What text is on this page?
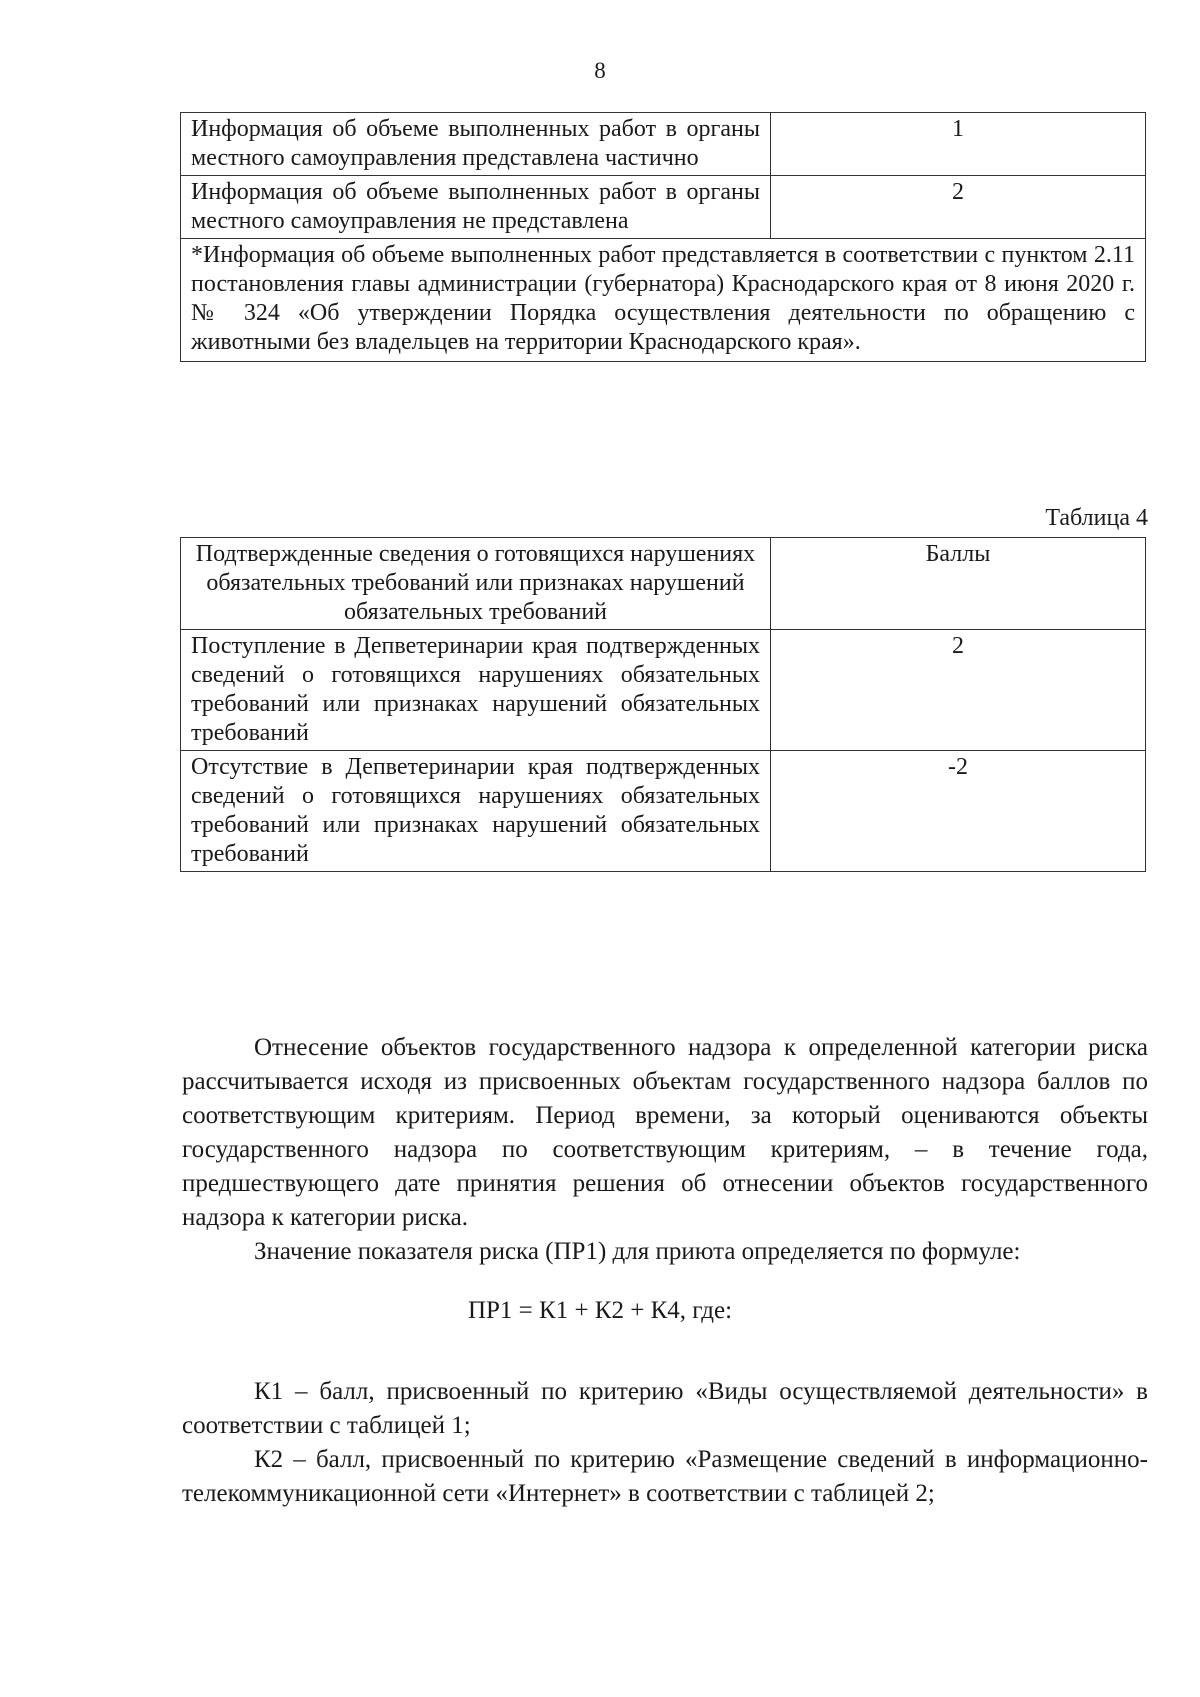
8
Информация об объеме выполненных работ в органы местного самоуправления представлена частично	1
Информация об объеме выполненных работ в органы местного самоуправления не представлена	2
*Информация об объеме выполненных работ представляется в соответствии с пунктом 2.11 постановления главы администрации (губернатора) Краснодарского края от 8 июня 2020 г. № 324 «Об утверждении Порядка осуществления деятельности по обращению с животными без владельцев на территории Краснодарского края».	
Таблица 4
Подтвержденные сведения о готовящихся нарушениях обязательных требований или признаках нарушений обязательных требований	Баллы
Поступление в Депветеринарии края подтвержденных сведений о готовящихся нарушениях обязательных требований или признаках нарушений обязательных требований	2
Отсутствие в Депветеринарии края подтвержденных сведений о готовящихся нарушениях обязательных требований или признаках нарушений обязательных требований	-2

Отнесение объектов государственного надзора к определенной категории риска рассчитывается исходя из присвоенных объектам государственного надзора баллов по соответствующим критериям. Период времени, за который оцениваются объекты государственного надзора по соответствующим критериям, – в течение года, предшествующего дате принятия решения об отнесении объектов государственного надзора к категории риска.

Значение показателя риска (ПР1) для приюта определяется по формуле:

ПР1 = К1 + К2 + К4, где:

К1 – балл, присвоенный по критерию «Виды осуществляемой деятельности» в соответствии с таблицей 1;

К2 – балл, присвоенный по критерию «Размещение сведений в информационно-телекоммуникационной сети «Интернет» в соответствии с таблицей 2;
